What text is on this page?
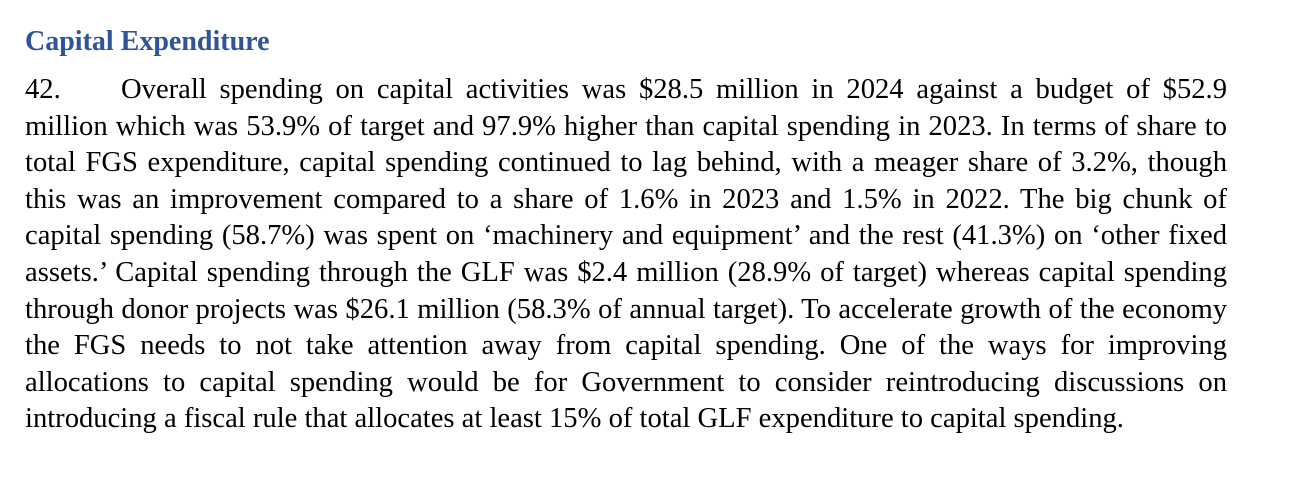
Capital Expenditure

42. Overall spending on capital activities was $28.5 million in 2024 against a budget of $52.9 million which was 53.9% of target and 97.9% higher than capital spending in 2023. In terms of share to total FGS expenditure, capital spending continued to lag behind, with a meager share of 3.2%, though this was an improvement compared to a share of 1.6% in 2023 and 1.5% in 2022. The big chunk of capital spending (58.7%) was spent on ‘machinery and equipment’ and the rest (41.3%) on ‘other fixed assets.’ Capital spending through the GLF was $2.4 million (28.9% of target) whereas capital spending through donor projects was $26.1 million (58.3% of annual target). To accelerate growth of the economy the FGS needs to not take attention away from capital spending. One of the ways for improving allocations to capital spending would be for Government to consider reintroducing discussions on introducing a fiscal rule that allocates at least 15% of total GLF expenditure to capital spending.
